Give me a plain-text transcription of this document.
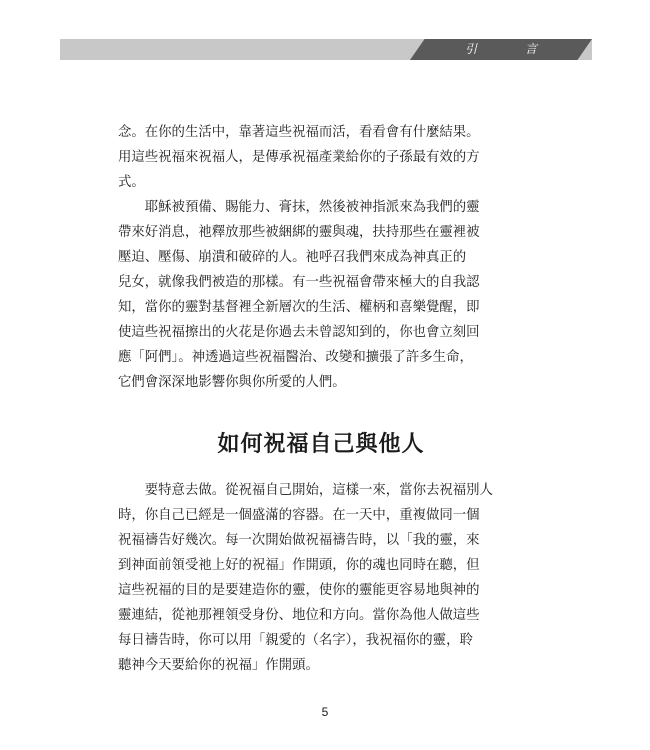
引　言

念。在你的生活中，靠著這些祝福而活，看看會有什麼結果。
用這些祝福來祝福人，是傳承祝福產業給你的子孫最有效的方
式。

　　耶穌被預備、賜能力、膏抹，然後被神指派來為我們的靈
帶來好消息，祂釋放那些被綑綁的靈與魂，扶持那些在靈裡被
壓迫、壓傷、崩潰和破碎的人。祂呼召我們來成為神真正的
兒女，就像我們被造的那樣。有一些祝福會帶來極大的自我認
知，當你的靈對基督裡全新層次的生活、權柄和喜樂覺醒，即
使這些祝福擦出的火花是你過去未曾認知到的，你也會立刻回
應「阿們」。神透過這些祝福醫治、改變和擴張了許多生命，
它們會深深地影響你與你所愛的人們。

如何祝福自己與他人

　　要特意去做。從祝福自己開始，這樣一來，當你去祝福別人
時，你自己已經是一個盛滿的容器。在一天中，重複做同一個
祝福禱告好幾次。每一次開始做祝福禱告時，以「我的靈，來
到神面前領受祂上好的祝福」作開頭，你的魂也同時在聽，但
這些祝福的目的是要建造你的靈，使你的靈能更容易地與神的
靈連結，從祂那裡領受身份、地位和方向。當你為他人做這些
每日禱告時，你可以用「親愛的（名字），我祝福你的靈，聆
聽神今天要給你的祝福」作開頭。

5
